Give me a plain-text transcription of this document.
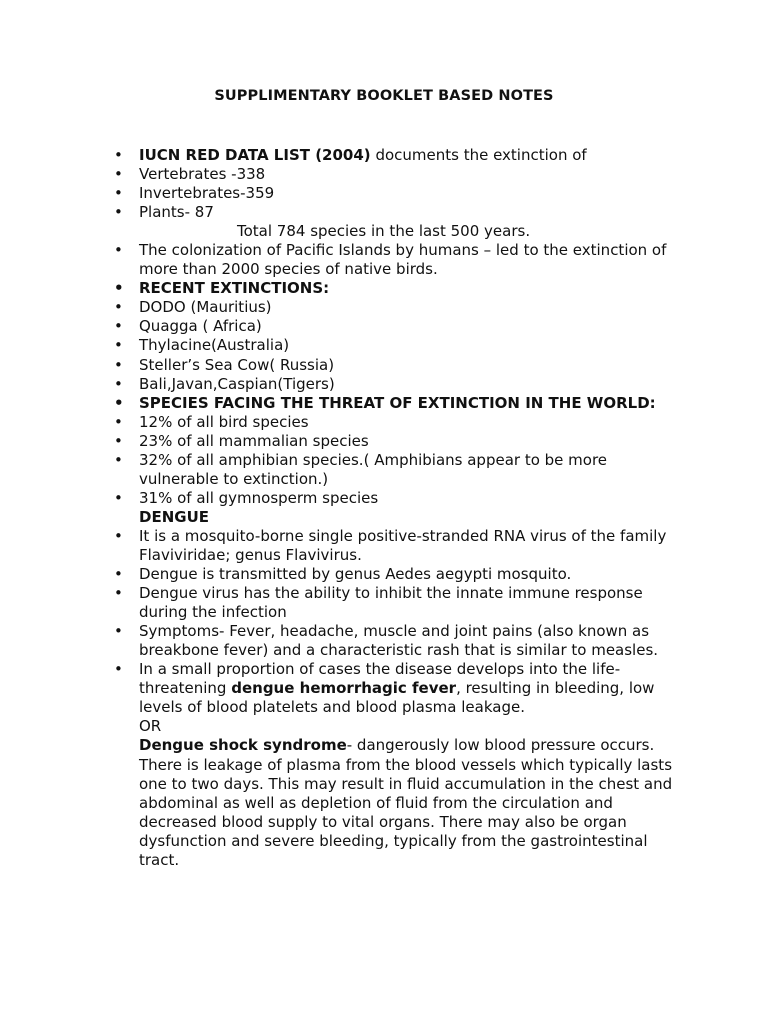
SUPPLIMENTARY BOOKLET BASED NOTES
• IUCN RED DATA LIST (2004) documents the extinction of
• Vertebrates -338
• Invertebrates-359
• Plants- 87
Total 784 species in the last 500 years.
• The colonization of Pacific Islands by humans – led to the extinction of more than 2000 species of native birds.
• RECENT EXTINCTIONS:
• DODO (Mauritius)
• Quagga ( Africa)
• Thylacine(Australia)
• Steller’s Sea Cow( Russia)
• Bali,Javan,Caspian(Tigers)
• SPECIES FACING THE THREAT OF EXTINCTION IN THE WORLD:
• 12% of all bird species
• 23% of all mammalian species
• 32% of all amphibian species.( Amphibians appear to be more vulnerable to extinction.)
• 31% of all gymnosperm species
DENGUE
• It is a mosquito-borne single positive-stranded RNA virus of the family Flaviviridae; genus Flavivirus.
• Dengue is transmitted by genus Aedes aegypti mosquito.
• Dengue virus has the ability to inhibit the innate immune response during the infection
• Symptoms- Fever, headache, muscle and joint pains (also known as breakbone fever) and a characteristic rash that is similar to measles.
• In a small proportion of cases the disease develops into the life-threatening dengue hemorrhagic fever, resulting in bleeding, low levels of blood platelets and blood plasma leakage.
OR
Dengue shock syndrome- dangerously low blood pressure occurs. There is leakage of plasma from the blood vessels which typically lasts one to two days. This may result in fluid accumulation in the chest and abdominal as well as depletion of fluid from the circulation and decreased blood supply to vital organs. There may also be organ dysfunction and severe bleeding, typically from the gastrointestinal tract.
